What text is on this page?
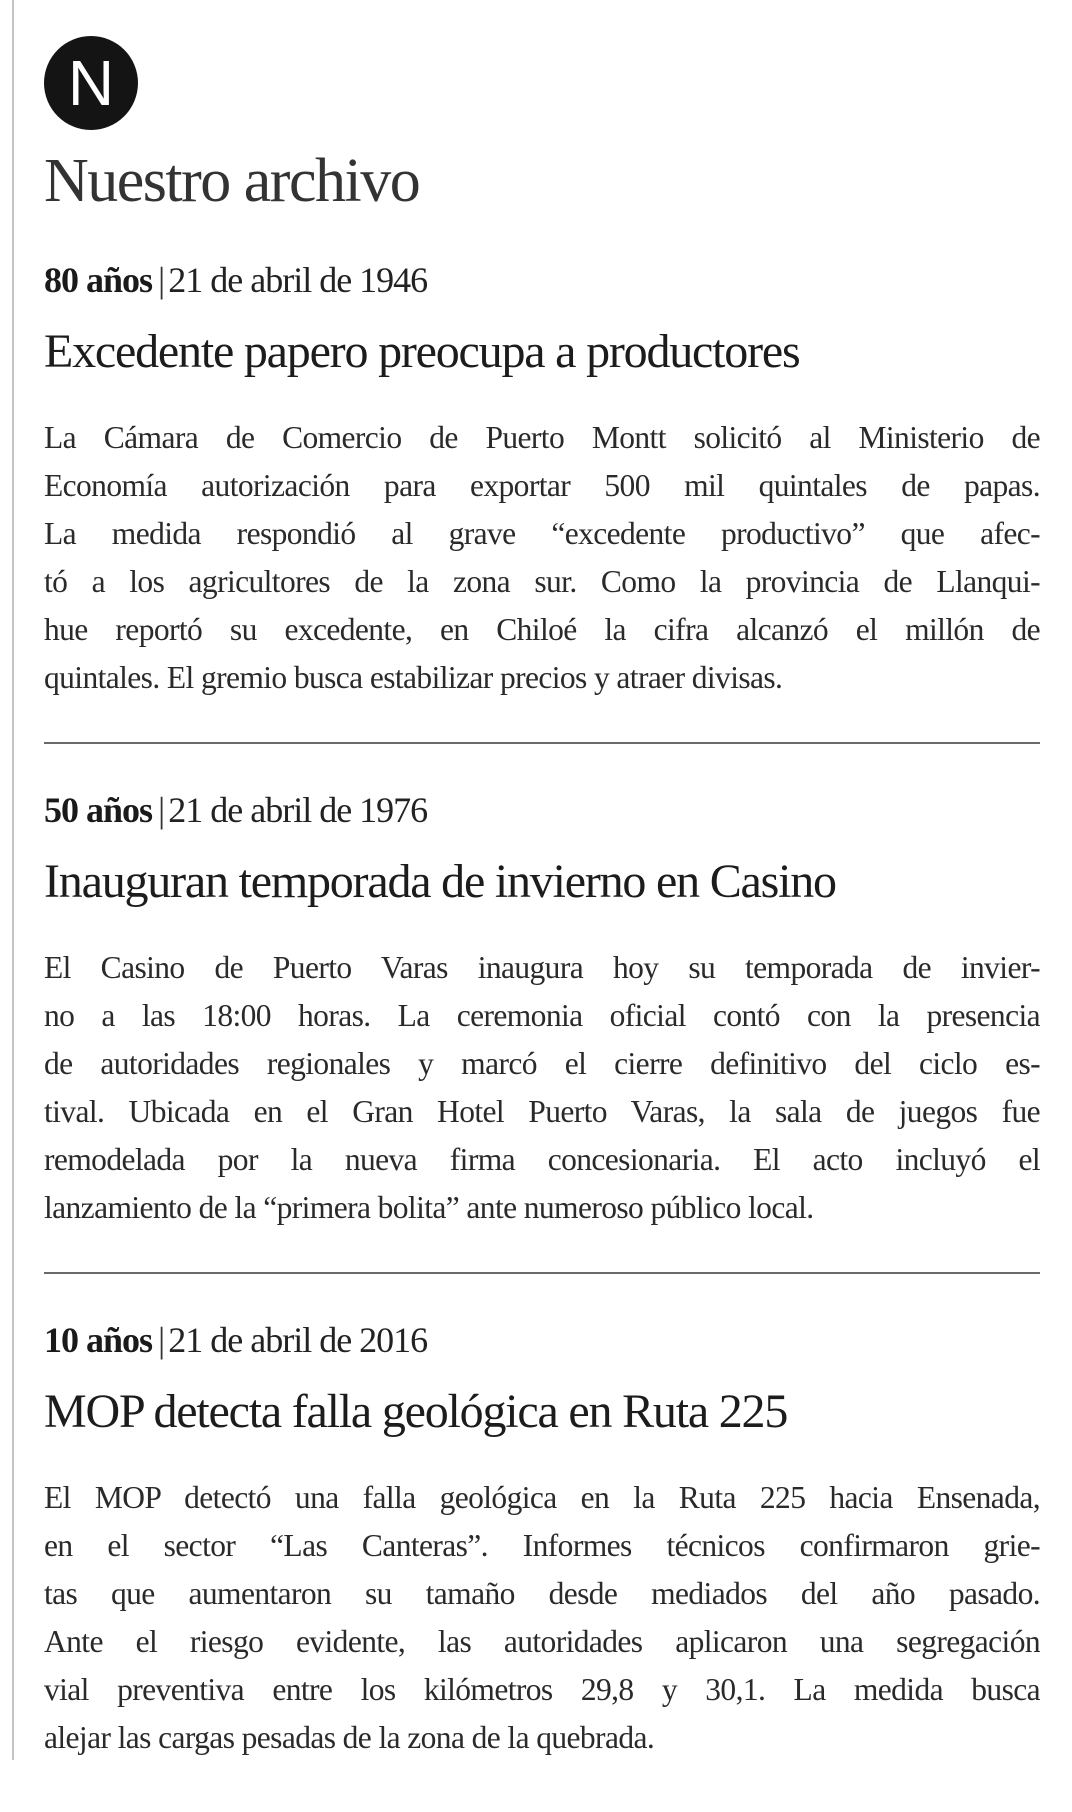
N
Nuestro archivo
80 años | 21 de abril de 1946
Excedente papero preocupa a productores
La Cámara de Comercio de Puerto Montt solicitó al Ministerio de
Economía autorización para exportar 500 mil quintales de papas.
La medida respondió al grave “excedente productivo” que afec-
tó a los agricultores de la zona sur. Como la provincia de Llanqui-
hue reportó su excedente, en Chiloé la cifra alcanzó el millón de
quintales. El gremio busca estabilizar precios y atraer divisas.
50 años | 21 de abril de 1976
Inauguran temporada de invierno en Casino
El Casino de Puerto Varas inaugura hoy su temporada de invier-
no a las 18:00 horas. La ceremonia oficial contó con la presencia
de autoridades regionales y marcó el cierre definitivo del ciclo es-
tival. Ubicada en el Gran Hotel Puerto Varas, la sala de juegos fue
remodelada por la nueva firma concesionaria. El acto incluyó el
lanzamiento de la “primera bolita” ante numeroso público local.
10 años | 21 de abril de 2016
MOP detecta falla geológica en Ruta 225
El MOP detectó una falla geológica en la Ruta 225 hacia Ensenada,
en el sector “Las Canteras”. Informes técnicos confirmaron grie-
tas que aumentaron su tamaño desde mediados del año pasado.
Ante el riesgo evidente, las autoridades aplicaron una segregación
vial preventiva entre los kilómetros 29,8 y 30,1. La medida busca
alejar las cargas pesadas de la zona de la quebrada.
